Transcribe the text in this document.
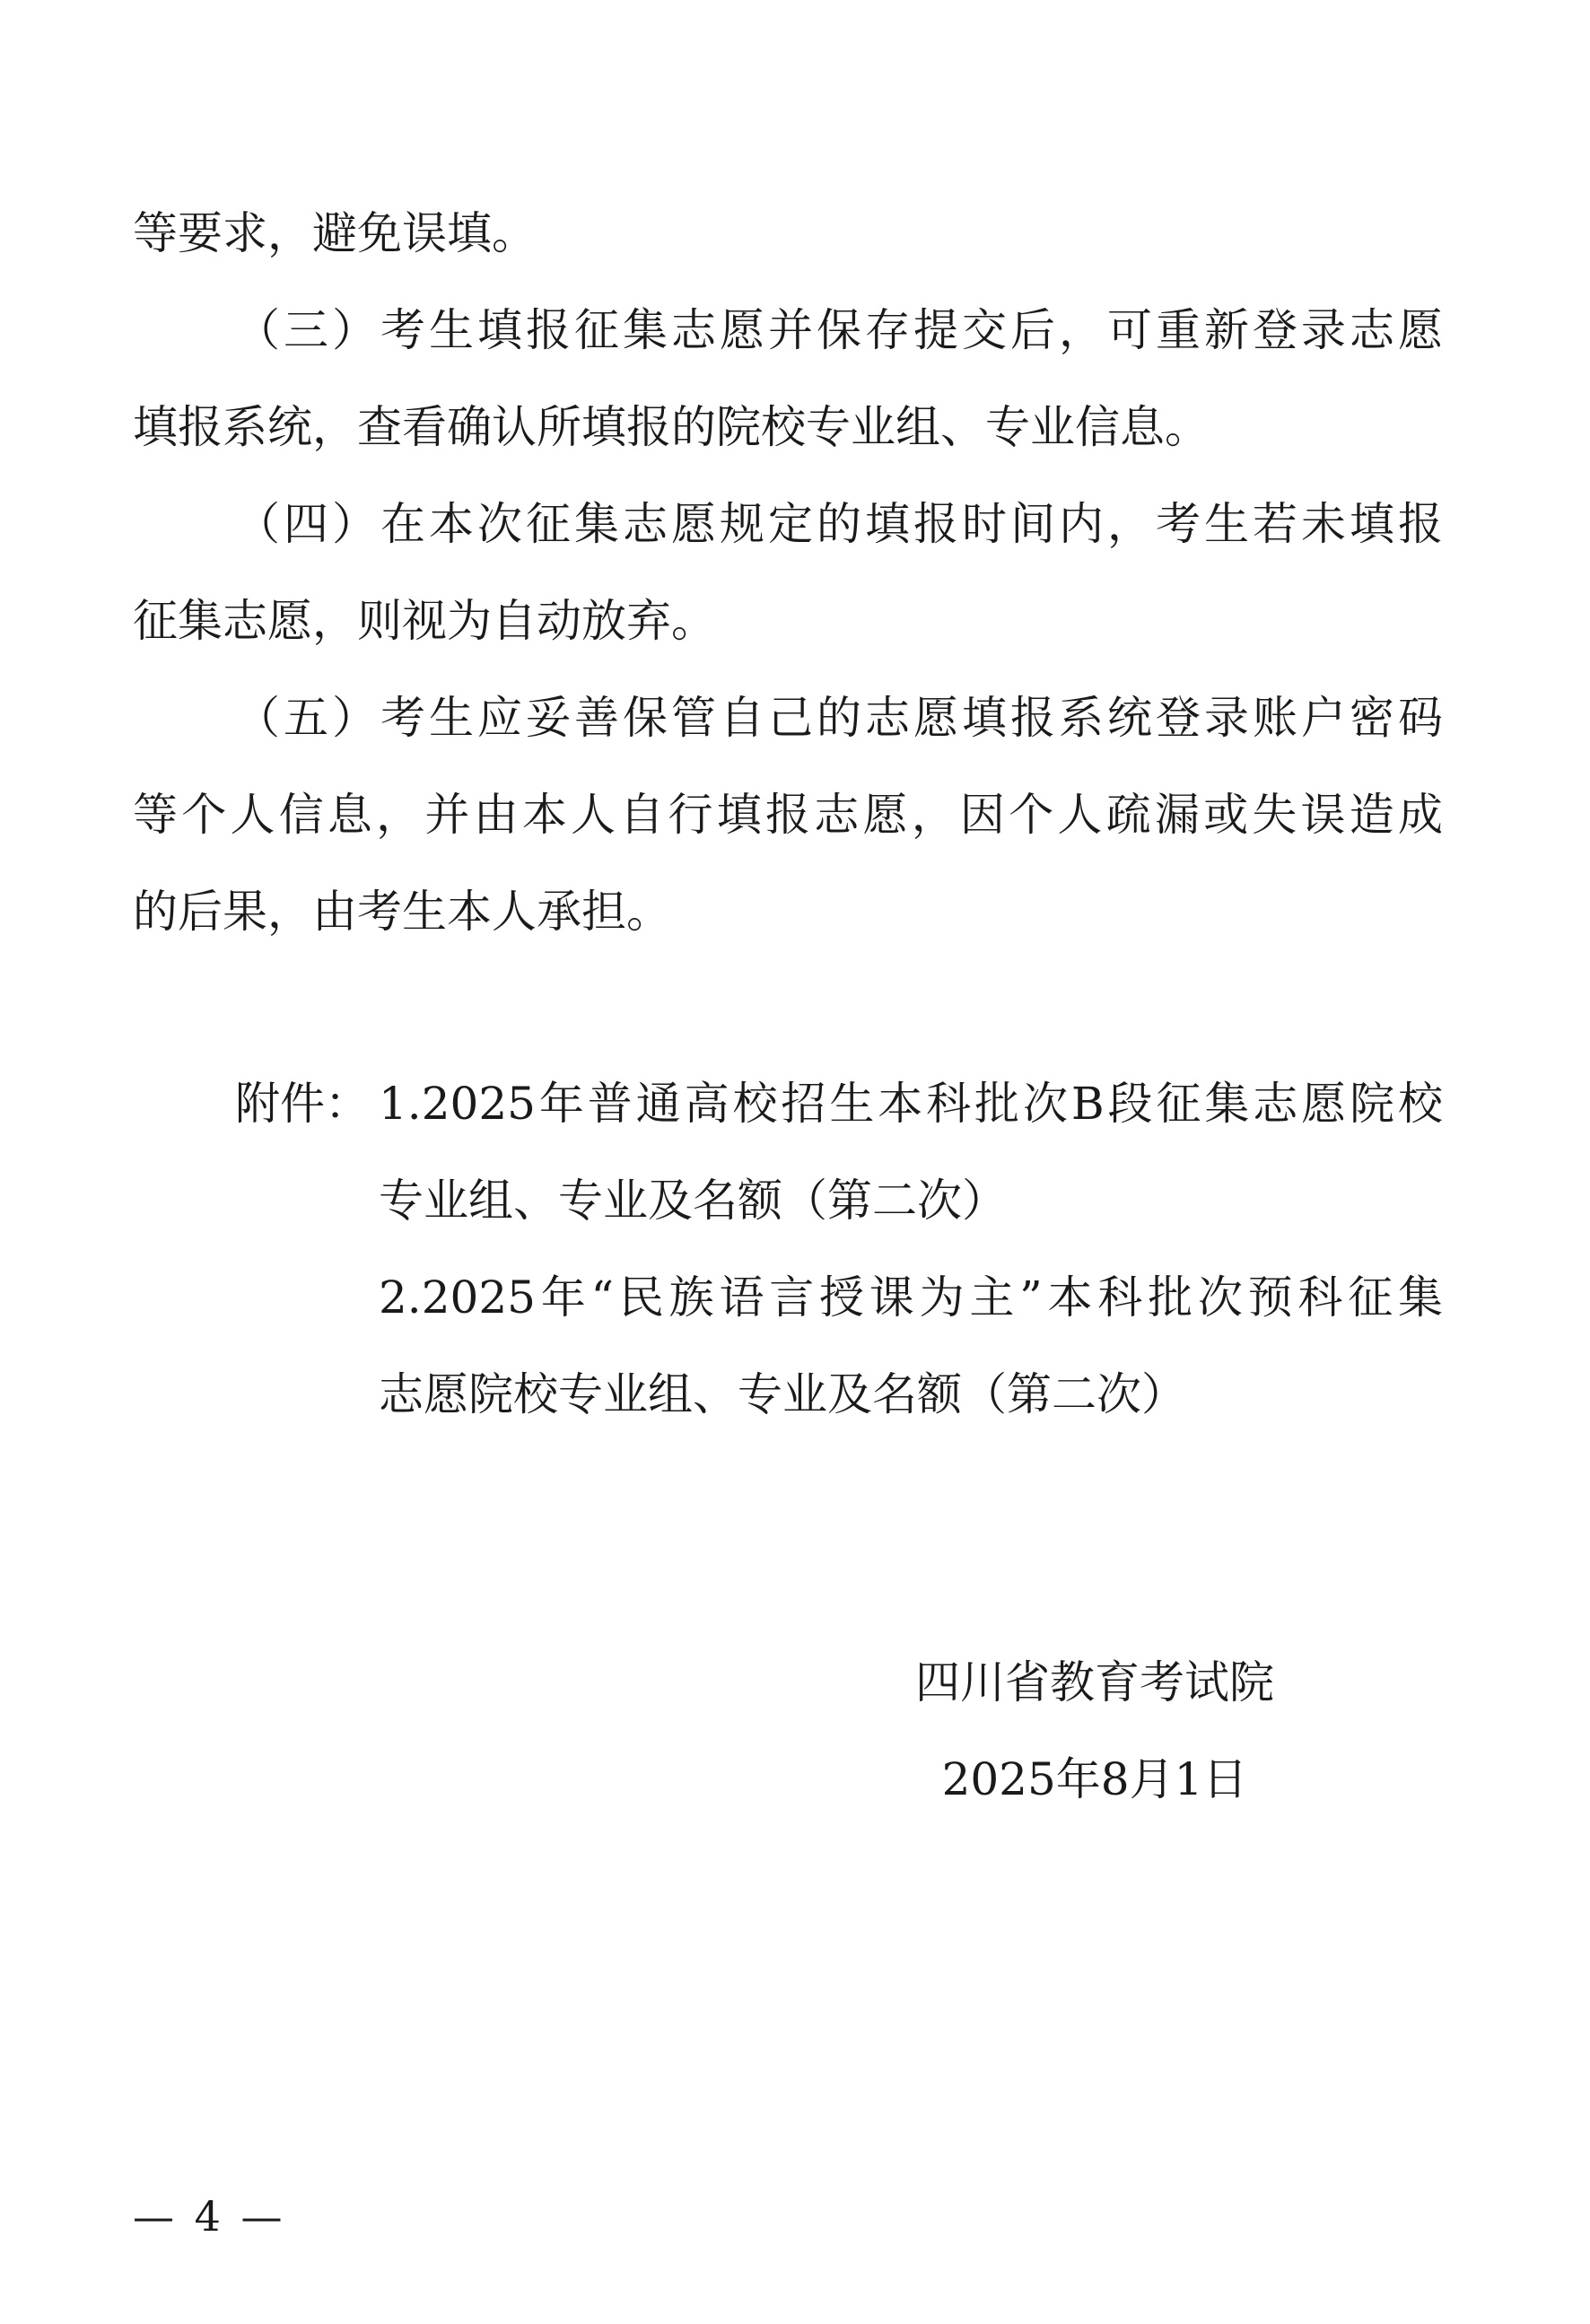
等要求，避免误填。
（三）考生填报征集志愿并保存提交后，可重新登录志愿
填报系统，查看确认所填报的院校专业组、专业信息。
（四）在本次征集志愿规定的填报时间内，考生若未填报
征集志愿，则视为自动放弃。
（五）考生应妥善保管自己的志愿填报系统登录账户密码
等个人信息，并由本人自行填报志愿，因个人疏漏或失误造成
的后果，由考生本人承担。
附件： 1.2025年普通高校招生本科批次B段征集志愿院校
专业组、专业及名额（第二次）
2.2025年“民族语言授课为主”本科批次预科征集
志愿院校专业组、专业及名额（第二次）
四川省教育考试院
2025年8月1日
— 4 —
